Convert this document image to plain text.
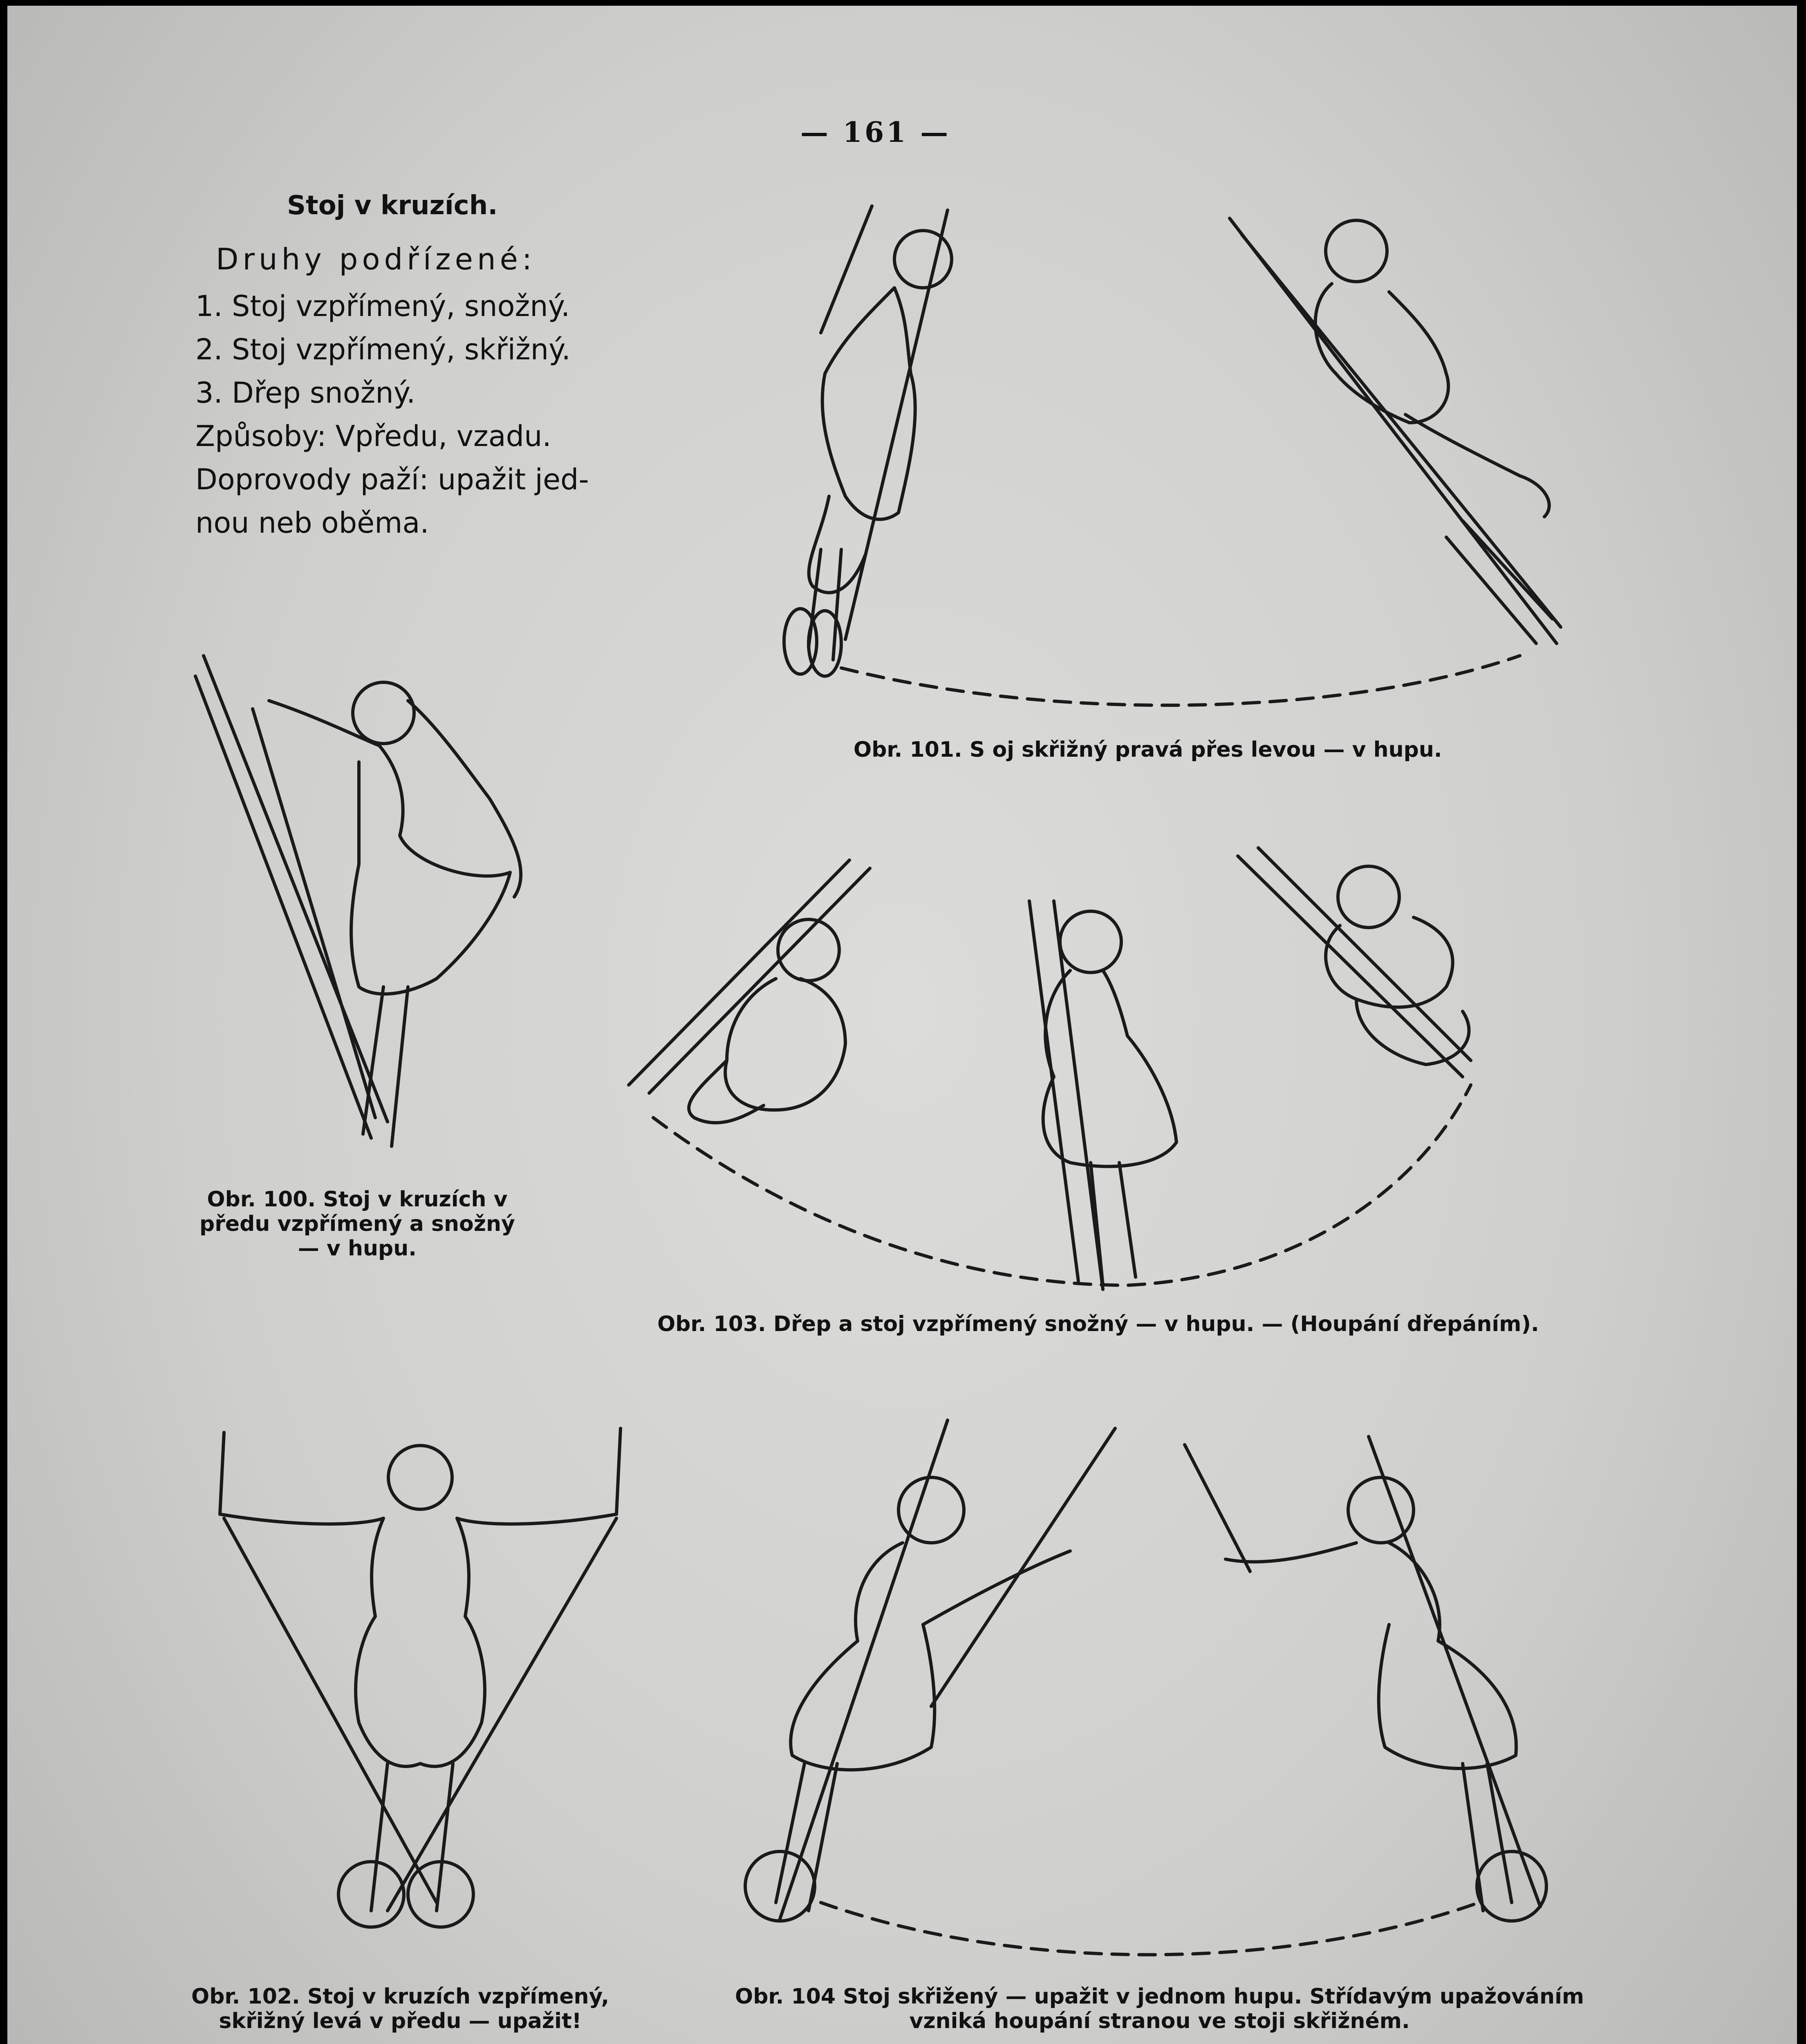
— 161 —
Stoj v kruzích.
Druhy podřízené:
1. Stoj vzpřímený, snožný.
2. Stoj vzpřímený, skřižný.
3. Dřep snožný.
Způsoby: Vpředu, vzadu.
Doprovody paží: upažit jed-
nou neb oběma.
Obr. 101. S oj skřižný pravá přes levou — v hupu.
Obr. 100. Stoj v kruzích v
předu vzpřímený a snožný
— v hupu.
Obr. 103. Dřep a stoj vzpřímený snožný — v hupu. — (Houpání dřepáním).
Obr. 102. Stoj v kruzích vzpřímený,
skřižný levá v předu — upažit!
Obr. 104 Stoj skřižený — upažit v jednom hupu. Střídavým upažováním
vzniká houpání stranou ve stoji skřižném.
